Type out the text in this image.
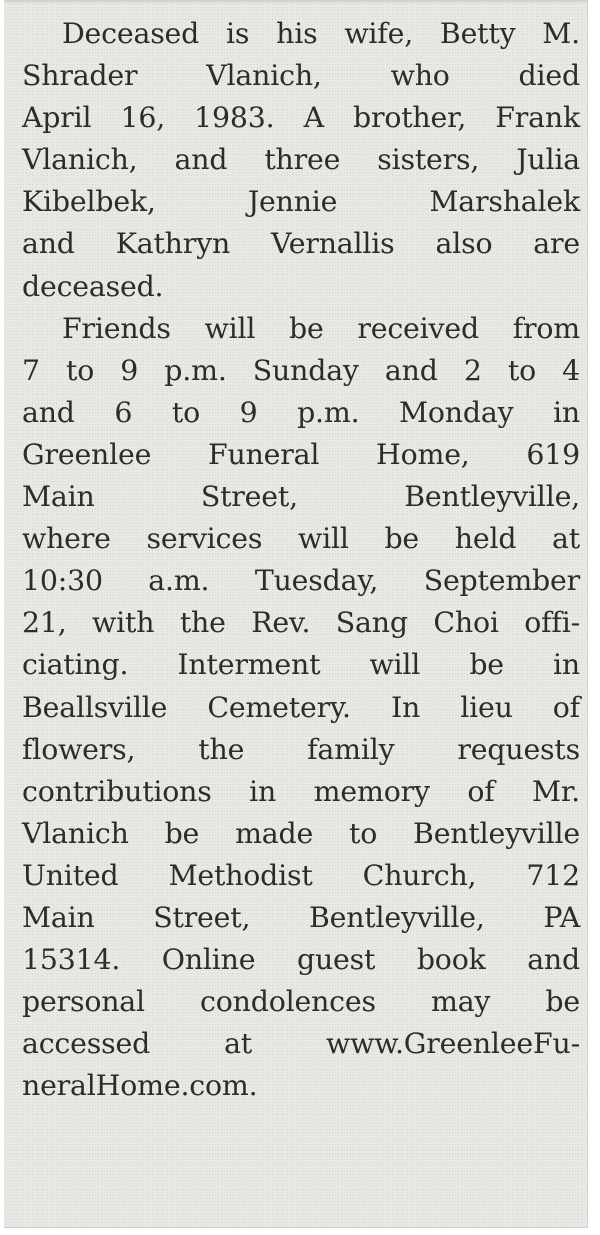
Deceased is his wife, Betty M.
Shrader Vlanich, who died
April 16, 1983. A brother, Frank
Vlanich, and three sisters, Julia
Kibelbek, Jennie Marshalek
and Kathryn Vernallis also are
deceased.

Friends will be received from
7 to 9 p.m. Sunday and 2 to 4
and 6 to 9 p.m. Monday in
Greenlee Funeral Home, 619
Main Street, Bentleyville,
where services will be held at
10:30 a.m. Tuesday, September
21, with the Rev. Sang Choi offi-
ciating. Interment will be in
Beallsville Cemetery. In lieu of
flowers, the family requests
contributions in memory of Mr.
Vlanich be made to Bentleyville
United Methodist Church, 712
Main Street, Bentleyville, PA
15314. Online guest book and
personal condolences may be
accessed at www.GreenleeFu-
neralHome.com.
